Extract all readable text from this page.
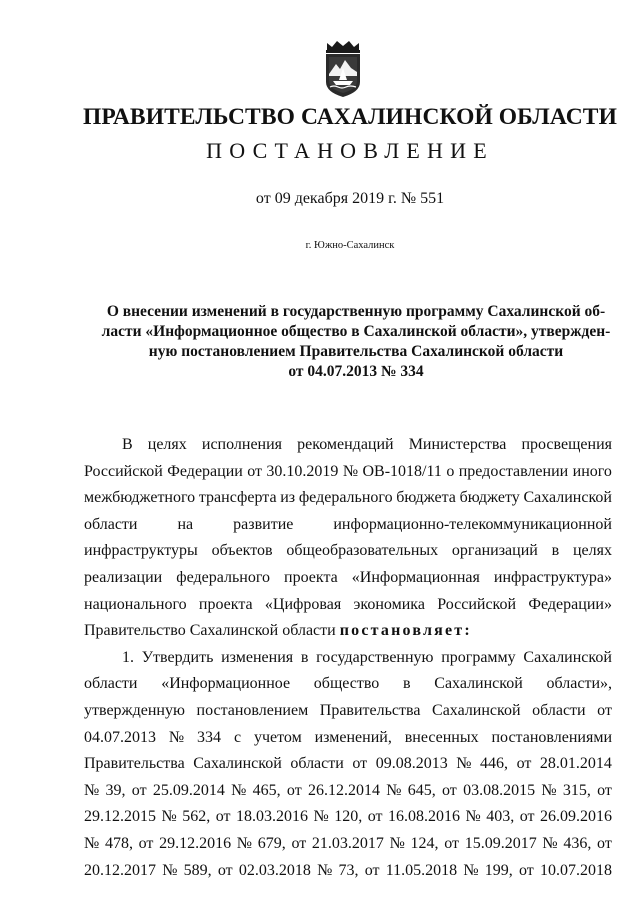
ПРАВИТЕЛЬСТВО САХАЛИНСКОЙ ОБЛАСТИ
ПОСТАНОВЛЕНИЕ
от 09 декабря 2019 г. № 551
г. Южно-Сахалинск
О внесении изменений в государственную программу Сахалинской об-
ласти «Информационное общество в Сахалинской области», утвержден-
ную постановлением Правительства Сахалинской области
от 04.07.2013 № 334
В целях исполнения рекомендаций Министерства просвещения
Российской Федерации от 30.10.2019 № ОВ-1018/11 о предоставлении иного
межбюджетного трансферта из федерального бюджета бюджету Сахалинской
области	на	развитие	информационно-телекоммуникационной
инфраструктуры объектов общеобразовательных организаций в целях
реализации федерального проекта «Информационная инфраструктура»
национального проекта «Цифровая экономика Российской Федерации»
Правительство Сахалинской области постановляет:
1. Утвердить изменения в государственную программу Сахалинской
области «Информационное общество в Сахалинской области»,
утвержденную постановлением Правительства Сахалинской области от
04.07.2013 № 334 с учетом изменений, внесенных постановлениями
Правительства Сахалинской области от 09.08.2013 № 446, от 28.01.2014
№ 39, от 25.09.2014 № 465, от 26.12.2014 № 645, от 03.08.2015 № 315, от
29.12.2015 № 562, от 18.03.2016 № 120, от 16.08.2016 № 403, от 26.09.2016
№ 478, от 29.12.2016 № 679, от 21.03.2017 № 124, от 15.09.2017 № 436, от
20.12.2017 № 589, от 02.03.2018 № 73, от 11.05.2018 № 199, от 10.07.2018
